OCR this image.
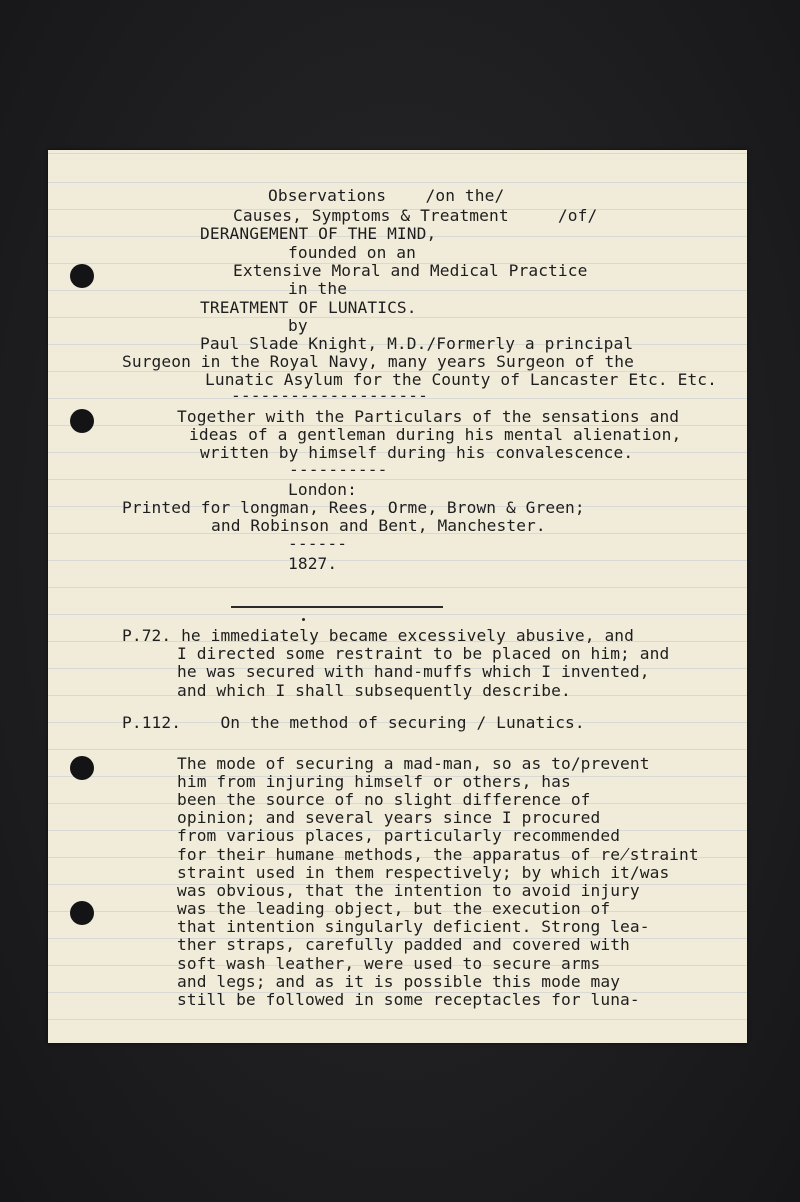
Observations    /on the/
Causes, Symptoms & Treatment     /of/
DERANGEMENT OF THE MIND,
founded on an
Extensive Moral and Medical Practice
in the
TREATMENT OF LUNATICS.
by
Paul Slade Knight, M.D./Formerly a principal
Surgeon in the Royal Navy, many years Surgeon of the
Lunatic Asylum for the County of Lancaster Etc. Etc.
--------------------
Together with the Particulars of the sensations and
ideas of a gentleman during his mental alienation,
written by himself during his convalescence.
----------
London:
Printed for longman, Rees, Orme, Brown & Green;
and Robinson and Bent, Manchester.
------
1827.
P.72. he immediately became excessively abusive, and
I directed some restraint to be placed on him; and
he was secured with hand-muffs which I invented,
and which I shall subsequently describe.
P.112.    On the method of securing / Lunatics.
The mode of securing a mad-man, so as to/prevent
him from injuring himself or others, has
been the source of no slight difference of
opinion; and several years since I procured
from various places, particularly recommended
for their humane methods, the apparatus of re̸straint
straint used in them respectively; by which it/was
was obvious, that the intention to avoid injury
was the leading object, but the execution of
that intention singularly deficient. Strong lea-
ther straps, carefully padded and covered with
soft wash leather, were used to secure arms
and legs; and as it is possible this mode may
still be followed in some receptacles for luna-
